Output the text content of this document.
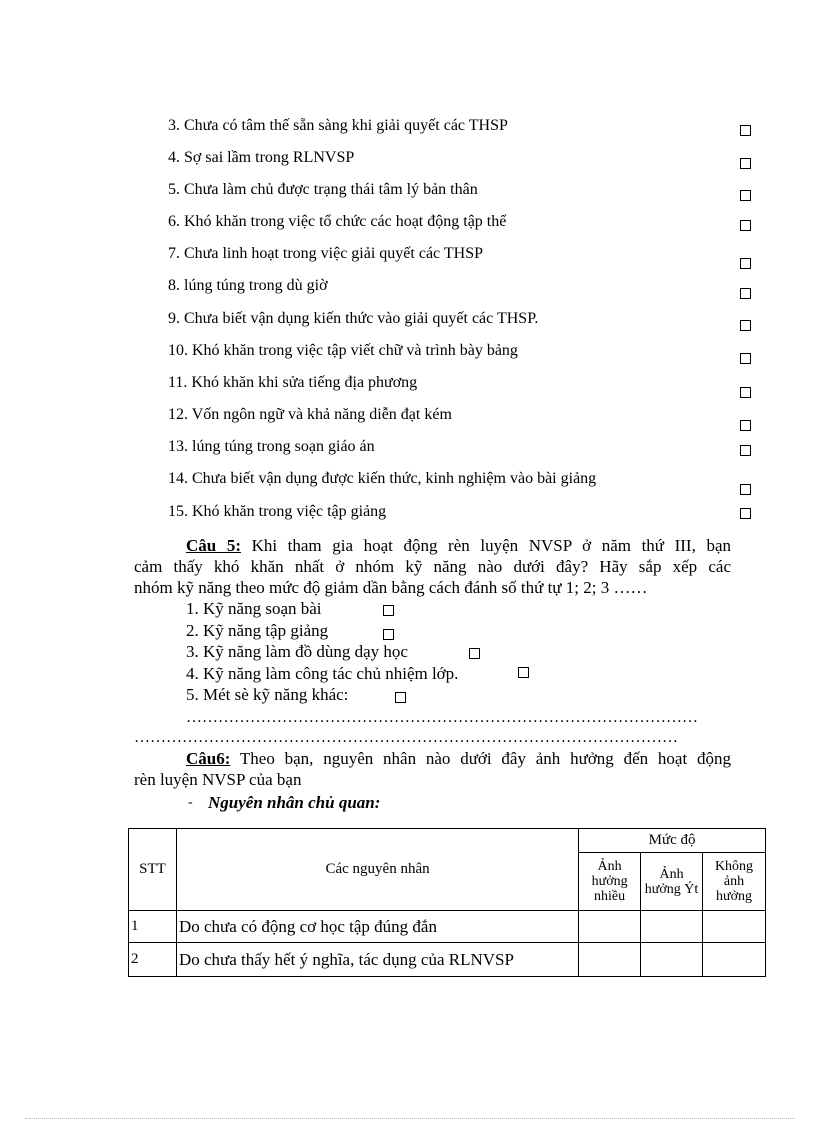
3. Chưa có tâm thế sẵn sàng khi giải quyết các THSP
4. Sợ sai lầm trong RLNVSP
5. Chưa làm chủ được trạng thái tâm lý bản thân
6. Khó khăn trong việc tổ chức các hoạt động tập thể
7. Chưa linh hoạt trong việc giải quyết các THSP
8. lúng túng trong dù giờ
9. Chưa biết vận dụng kiến thức vào giải quyết các THSP.
10. Khó khăn trong việc tập viết chữ và trình bày bảng
11. Khó khăn khi sửa tiếng địa phương
12. Vốn ngôn ngữ và khả năng diễn đạt kém
13. lúng túng trong soạn giáo án
14. Chưa biết vận dụng được kiến thức, kinh nghiệm vào bài giảng
15. Khó khăn trong việc tập giảng
Câu 5: Khi tham gia hoạt động rèn luyện NVSP ở năm thứ III, bạn
cảm thấy khó khăn nhất ở nhóm kỹ năng nào dưới đây? Hãy sắp xếp các
nhóm kỹ năng theo mức độ giảm dần bằng cách đánh số thứ tự 1; 2; 3 ……
1. Kỹ năng soạn bài
2. Kỹ năng tập giảng
3. Kỹ năng làm đồ dùng dạy học
4. Kỹ năng làm công tác chủ nhiệm lớp.
5. Mét sè kỹ năng khác:
……………………………………………………………………………………
…………………………………………………………………………………………
Câu6: Theo bạn, nguyên nhân nào dưới đây ảnh hưởng đến hoạt động
rèn luyện NVSP của bạn
- Nguyên nhân chủ quan:
STT	Các nguyên nhân	Mức độ		
		Ảnh hưởng nhiều	Ảnh hưởng Ýt	Không ảnh hưởng
1	Do chưa có động cơ học tập đúng đắn			
2	Do chưa thấy hết ý nghĩa, tác dụng của RLNVSP			
